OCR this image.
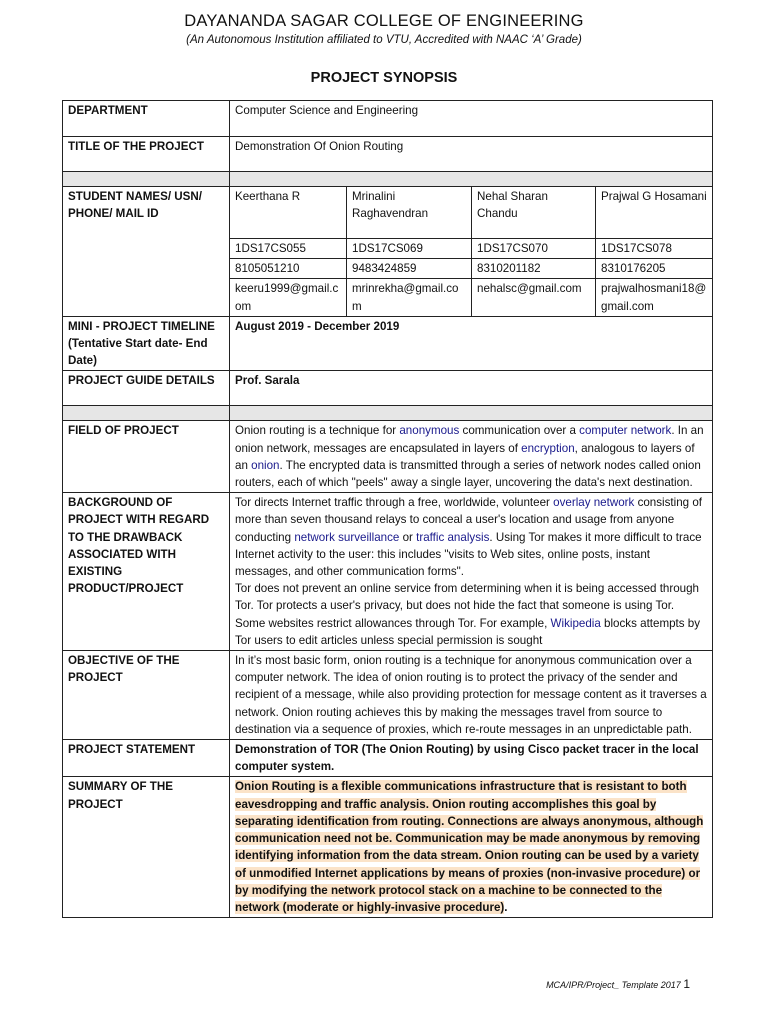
DAYANANDA SAGAR COLLEGE OF ENGINEERING
(An Autonomous Institution affiliated to VTU, Accredited with NAAC ‘A’ Grade)
PROJECT SYNOPSIS
DEPARTMENT	Computer Science and Engineering			
TITLE OF THE PROJECT	Demonstration Of Onion Routing			

STUDENT NAMES/ USN/ PHONE/ MAIL ID	Keerthana R	Mrinalini Raghavendran	Nehal Sharan Chandu	Prajwal G Hosamani
	1DS17CS055	1DS17CS069	1DS17CS070	1DS17CS078
	8105051210	9483424859	8310201182	8310176205
	keeru1999@gmail.com	mrinrekha@gmail.com	nehalsc@gmail.com	prajwalhosmani18@gmail.com
MINI - PROJECT TIMELINE (Tentative Start date- End Date)	August 2019 - December 2019			
PROJECT GUIDE DETAILS	Prof. Sarala			

FIELD OF PROJECT	Onion routing is a technique for anonymous communication over a computer network. In an onion network, messages are encapsulated in layers of encryption, analogous to layers of an onion. The encrypted data is transmitted through a series of network nodes called onion routers, each of which "peels" away a single layer, uncovering the data's next destination.			
BACKGROUND OF PROJECT WITH REGARD TO THE DRAWBACK ASSOCIATED WITH EXISTING PRODUCT/PROJECT	Tor directs Internet traffic through a free, worldwide, volunteer overlay network consisting of more than seven thousand relays to conceal a user's location and usage from anyone conducting network surveillance or traffic analysis. Using Tor makes it more difficult to trace Internet activity to the user: this includes "visits to Web sites, online posts, instant messages, and other communication forms".
Tor does not prevent an online service from determining when it is being accessed through Tor. Tor protects a user's privacy, but does not hide the fact that someone is using Tor. Some websites restrict allowances through Tor. For example, Wikipedia blocks attempts by Tor users to edit articles unless special permission is sought			
OBJECTIVE OF THE PROJECT	In it’s most basic form, onion routing is a technique for anonymous communication over a computer network. The idea of onion routing is to protect the privacy of the sender and recipient of a message, while also providing protection for message content as it traverses a network. Onion routing achieves this by making the messages travel from source to destination via a sequence of proxies, which re-route messages in an unpredictable path.			
PROJECT STATEMENT	Demonstration of TOR (The Onion Routing) by using Cisco packet tracer in the local computer system.			
SUMMARY OF THE PROJECT	Onion Routing is a flexible communications infrastructure that is resistant to both eavesdropping and traffic analysis. Onion routing accomplishes this goal by separating identification from routing. Connections are always anonymous, although communication need not be. Communication may be made anonymous by removing identifying information from the data stream. Onion routing can be used by a variety of unmodified Internet applications by means of proxies (non-invasive procedure) or by modifying the network protocol stack on a machine to be connected to the network (moderate or highly-invasive procedure).			
MCA/IPR/Project_ Template 2017 1
